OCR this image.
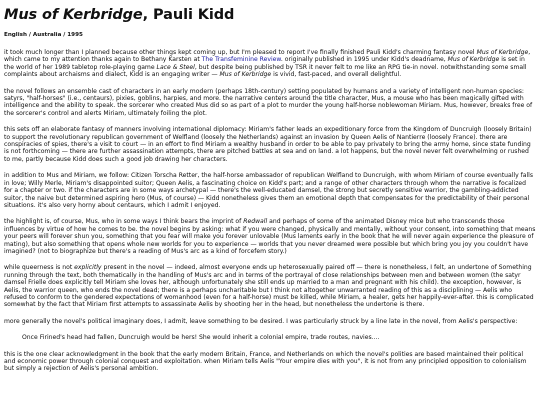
Mus of Kerbridge, Pauli Kidd
English / Australia / 1995

it took much longer than I planned because other things kept coming up, but I'm pleased to report I've finally finished Pauli Kidd's charming fantasy novel Mus of Kerbridge, which came to my attention thanks again to Bethany Karsten at The Transfeminine Review. originally published in 1995 under Kidd's deadname, Mus of Kerbridge is set in the world of her 1989 tabletop role-playing game Lace & Steel, but despite being published by TSR it never felt to me like an RPG tie-in novel. notwithstanding some small complaints about archaisms and dialect, Kidd is an engaging writer — Mus of Kerbridge is vivid, fast-paced, and overall delightful.

the novel follows an ensemble cast of characters in an early modern (perhaps 18th-century) setting populated by humans and a variety of intelligent non-human species: satyrs, "half-horses" (i.e., centaurs), pixies, goblins, harpies, and more. the narrative centers around the title character, Mus, a mouse who has been magically gifted with intelligence and the ability to speak. the sorcerer who created Mus did so as part of a plot to murder the young half-horse noblewoman Miriam. Mus, however, breaks free of the sorcerer's control and alerts Miriam, ultimately foiling the plot.

this sets off an elaborate fantasy of manners involving international diplomacy: Miriam's father leads an expeditionary force from the Kingdom of Duncruigh (loosely Britain) to support the revolutionary republican government of Welfland (loosely the Netherlands) against an invasion by Queen Aelis of Nantierre (loosely France). there are conspiracies of spies, there's a visit to court — in an effort to find Miriam a wealthy husband in order to be able to pay privately to bring the army home, since state funding is not forthcoming — there are further assassination attempts, there are pitched battles at sea and on land. a lot happens, but the novel never felt overwhelming or rushed to me, partly because Kidd does such a good job drawing her characters.

in addition to Mus and Miriam, we follow: Citizen Torscha Retter, the half-horse ambassador of republican Welfland to Duncruigh, with whom Miriam of course eventually falls in love; Willy Merle, Miriam's disappointed suitor; Queen Aelis, a fascinating choice on Kidd's part; and a range of other characters through whom the narrative is focalized for a chapter or two. if the characters are in some ways archetypal — there's the well-educated damsel, the strong but secretly sensitive warrior, the gambling-addicted suitor, the naive but determined aspiring hero (Mus, of course) — Kidd nonetheless gives them an emotional depth that compensates for the predictability of their personal situations. it's also very horny about centaurs, which I admit I enjoyed.

the highlight is, of course, Mus, who in some ways I think bears the imprint of Redwall and perhaps of some of the animated Disney mice but who transcends those influences by virtue of how he comes to be. the novel begins by asking: what if you were changed, physically and mentally, without your consent, into something that means your peers will forever shun you, something that you fear will make you forever unlovable (Mus laments early in the book that he will never again experience the pleasure of mating), but also something that opens whole new worlds for you to experience — worlds that you never dreamed were possible but which bring you joy you couldn't have imagined? (not to biographize but there's a reading of Mus's arc as a kind of forcefem story.)

while queerness is not explicitly present in the novel — indeed, almost everyone ends up heterosexually paired off — there is nonetheless, I felt, an undertone of Something running through the text, both thematically in the handling of Mus's arc and in terms of the portrayal of close relationships between men and between women (the satyr damsel Frielle does explicitly tell Miriam she loves her, although unfortunately she still ends up married to a man and pregnant with his child). the exception, however, is Aelis, the warrior queen, who ends the novel dead; there is a perhaps uncharitable but I think not altogether unwarranted reading of this as a disciplining — Aelis who refused to conform to the gendered expectations of womanhood (even for a half-horse) must be killed, while Miriam, a healer, gets her happily-ever-after. this is complicated somewhat by the fact that Miriam first attempts to assassinate Aelis by shooting her in the head, but nonetheless the undertone is there.

more generally the novel's political imaginary does, I admit, leave something to be desired. I was particularly struck by a line late in the novel, from Aelis's perspective:

Once Firined's head had fallen, Duncruigh would be hers! She would inherit a colonial empire, trade routes, navies....

this is the one clear acknowledgment in the book that the early modern Britain, France, and Netherlands on which the novel's polities are based maintained their political and economic power through colonial conquest and exploitation. when Miriam tells Aelis "Your empire dies with you", it is not from any principled opposition to colonialism but simply a rejection of Aelis's personal ambition.
